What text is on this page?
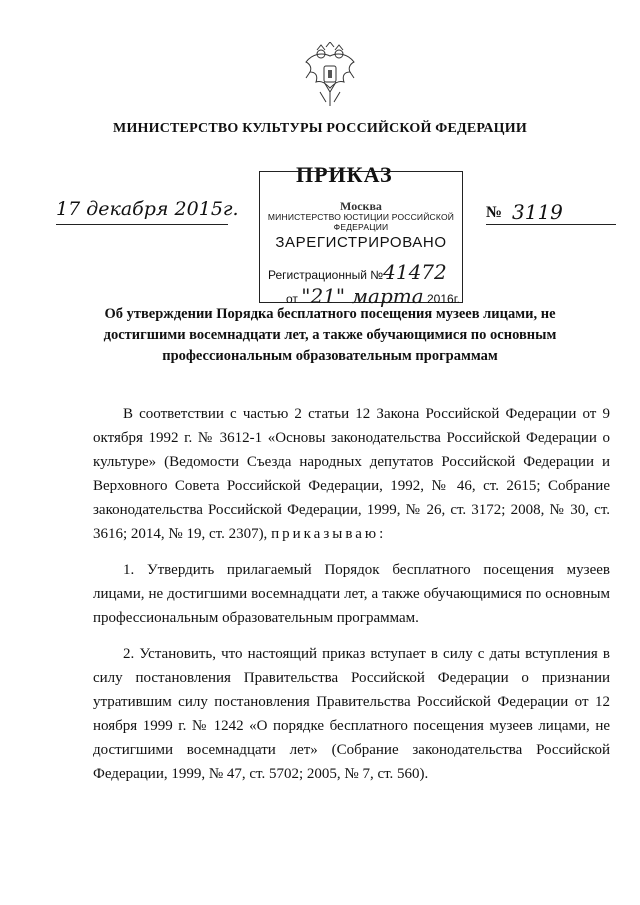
МИНИСТЕРСТВО КУЛЬТУРЫ РОССИЙСКОЙ ФЕДЕРАЦИИ
ПРИКАЗ
17 декабря 2015г.	Москва
МИНИСТЕРСТВО ЮСТИЦИИ РОССИЙСКОЙ ФЕДЕРАЦИИ
ЗАРЕГИСТРИРОВАНО
Регистрационный №41472
от "21" марта 2016г.
№ 3119
Об утверждении Порядка бесплатного посещения музеев лицами, не достигшими восемнадцати лет, а также обучающимися по основным профессиональным образовательным программам

В соответствии с частью 2 статьи 12 Закона Российской Федерации от 9 октября 1992 г. № 3612-1 «Основы законодательства Российской Федерации о культуре» (Ведомости Съезда народных депутатов Российской Федерации и Верховного Совета Российской Федерации, 1992, № 46, ст. 2615; Собрание законодательства Российской Федерации, 1999, № 26, ст. 3172; 2008, № 30, ст. 3616; 2014, № 19, ст. 2307), приказываю:

1. Утвердить прилагаемый Порядок бесплатного посещения музеев лицами, не достигшими восемнадцати лет, а также обучающимися по основным профессиональным образовательным программам.

2. Установить, что настоящий приказ вступает в силу с даты вступления в силу постановления Правительства Российской Федерации о признании утратившим силу постановления Правительства Российской Федерации от 12 ноября 1999 г. № 1242 «О порядке бесплатного посещения музеев лицами, не достигшими восемнадцати лет» (Собрание законодательства Российской Федерации, 1999, № 47, ст. 5702; 2005, № 7, ст. 560).
